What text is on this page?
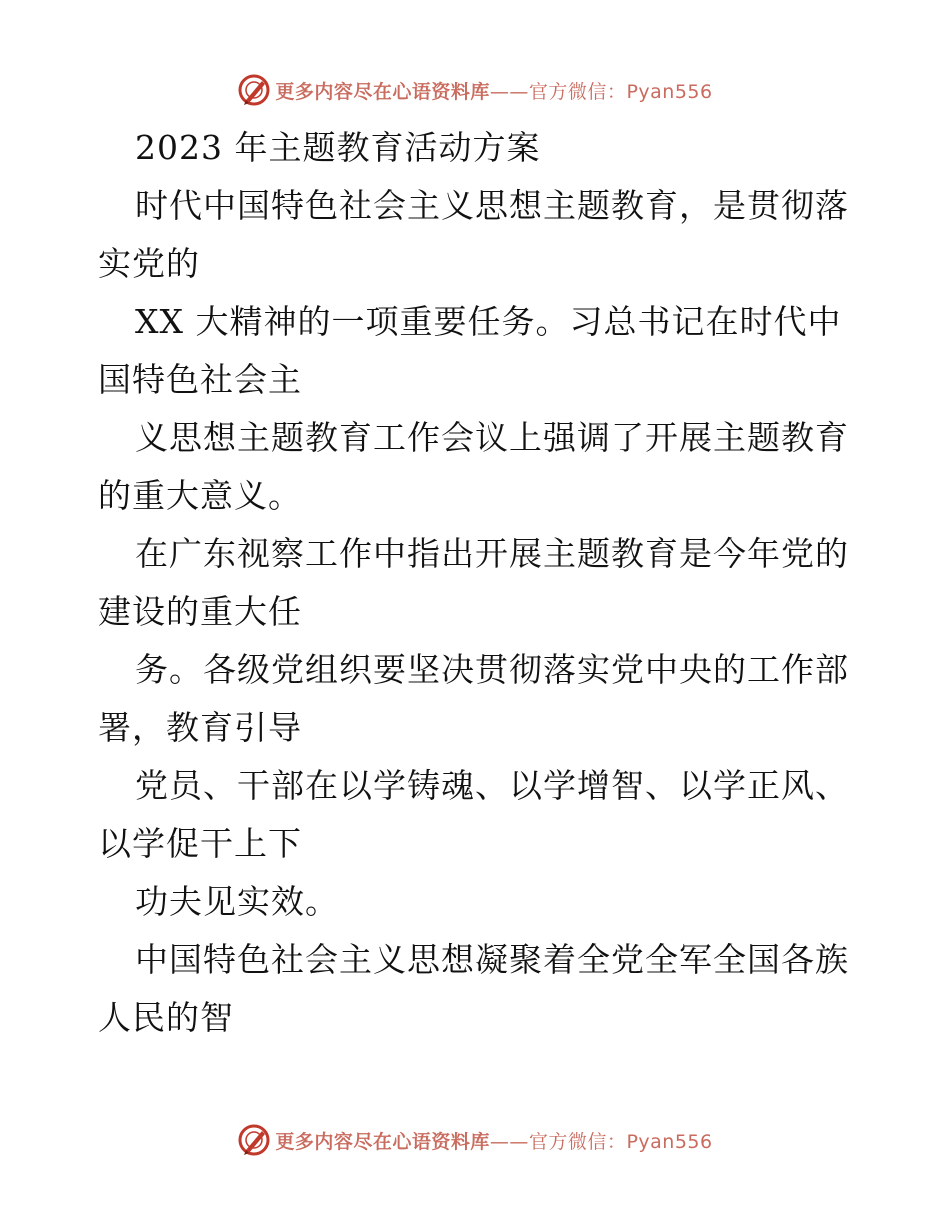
更多内容尽在心语资料库——官方微信：Pyan556
2023 年主题教育活动方案
时代中国特色社会主义思想主题教育，是贯彻落
实党的
XX 大精神的一项重要任务。习总书记在时代中
国特色社会主
义思想主题教育工作会议上强调了开展主题教育
的重大意义。
在广东视察工作中指出开展主题教育是今年党的
建设的重大任
务。各级党组织要坚决贯彻落实党中央的工作部
署，教育引导
党员、干部在以学铸魂、以学增智、以学正风、
以学促干上下
功夫见实效。
中国特色社会主义思想凝聚着全党全军全国各族
人民的智
更多内容尽在心语资料库——官方微信：Pyan556
